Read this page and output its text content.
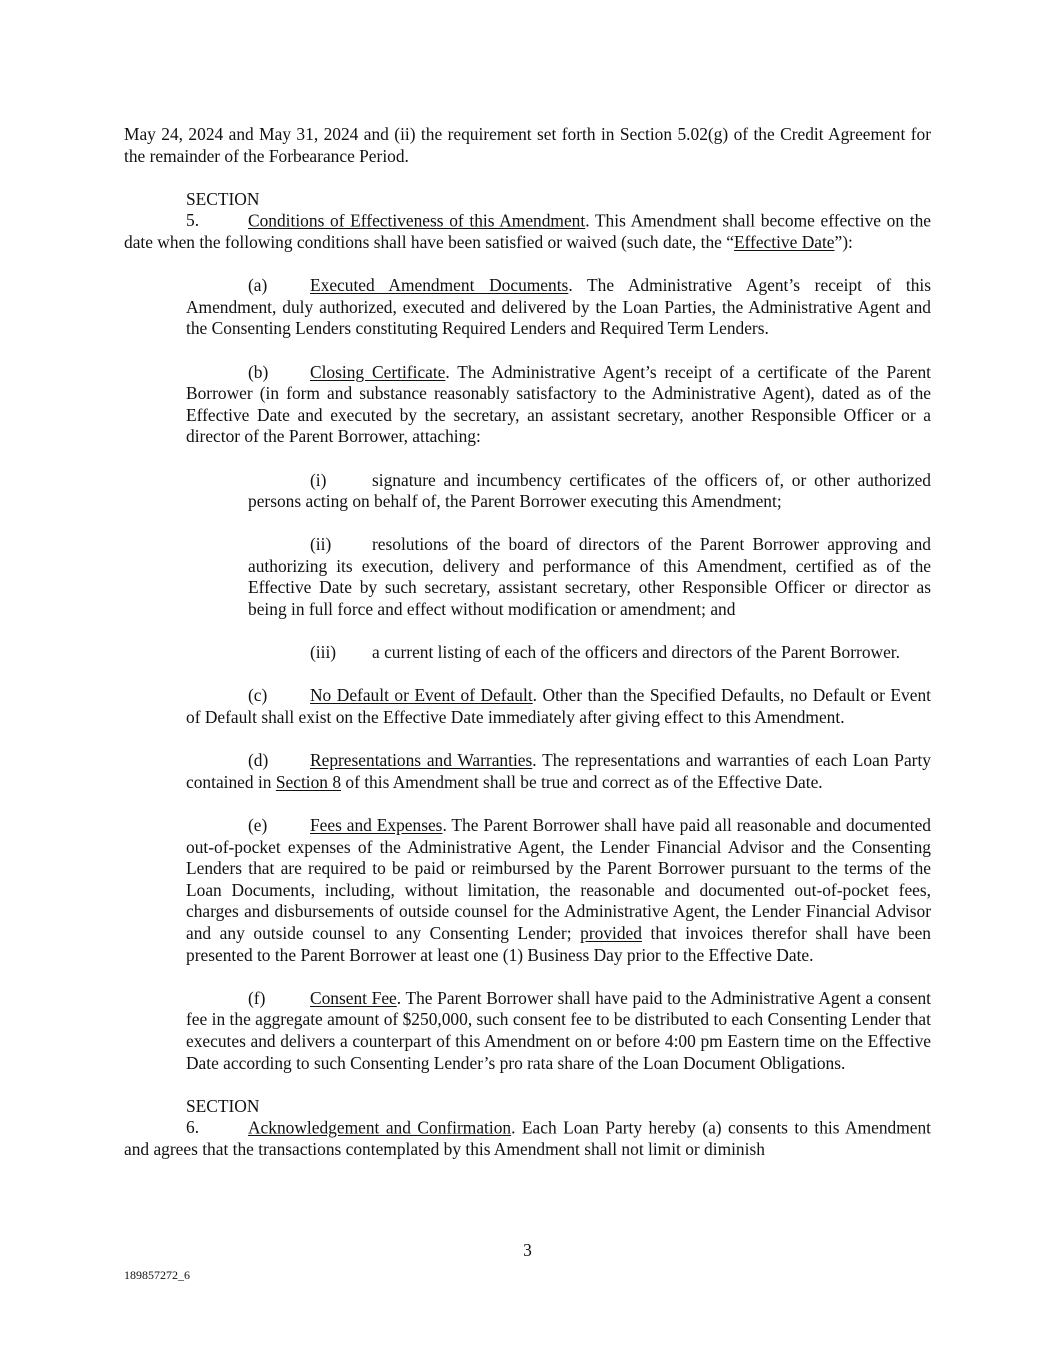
May 24, 2024 and May 31, 2024 and (ii) the requirement set forth in Section 5.02(g) of the Credit Agreement for the remainder of the Forbearance Period.

SECTION 5.	Conditions of Effectiveness of this Amendment. This Amendment shall become effective on the date when the following conditions shall have been satisfied or waived (such date, the “Effective Date”):

(a) Executed Amendment Documents. The Administrative Agent’s receipt of this Amendment, duly authorized, executed and delivered by the Loan Parties, the Administrative Agent and the Consenting Lenders constituting Required Lenders and Required Term Lenders.

(b) Closing Certificate. The Administrative Agent’s receipt of a certificate of the Parent Borrower (in form and substance reasonably satisfactory to the Administrative Agent), dated as of the Effective Date and executed by the secretary, an assistant secretary, another Responsible Officer or a director of the Parent Borrower, attaching:

(i)	signature and incumbency certificates of the officers of, or other authorized persons acting on behalf of, the Parent Borrower executing this Amendment;

(ii) resolutions of the board of directors of the Parent Borrower approving and authorizing its execution, delivery and performance of this Amendment, certified as of the Effective Date by such secretary, assistant secretary, other Responsible Officer or director as being in full force and effect without modification or amendment; and

(iii) a current listing of each of the officers and directors of the Parent Borrower.

(c) No Default or Event of Default. Other than the Specified Defaults, no Default or Event of Default shall exist on the Effective Date immediately after giving effect to this Amendment.

(d) Representations and Warranties. The representations and warranties of each Loan Party contained in Section 8 of this Amendment shall be true and correct as of the Effective Date.

(e) Fees and Expenses. The Parent Borrower shall have paid all reasonable and documented out-of-pocket expenses of the Administrative Agent, the Lender Financial Advisor and the Consenting Lenders that are required to be paid or reimbursed by the Parent Borrower pursuant to the terms of the Loan Documents, including, without limitation, the reasonable and documented out-of-pocket fees, charges and disbursements of outside counsel for the Administrative Agent, the Lender Financial Advisor and any outside counsel to any Consenting Lender; provided that invoices therefor shall have been presented to the Parent Borrower at least one (1) Business Day prior to the Effective Date.

(f)	Consent Fee. The Parent Borrower shall have paid to the Administrative Agent a consent fee in the aggregate amount of $250,000, such consent fee to be distributed to each Consenting Lender that executes and delivers a counterpart of this Amendment on or before 4:00 pm Eastern time on the Effective Date according to such Consenting Lender’s pro rata share of the Loan Document Obligations.

SECTION 6.	Acknowledgement and Confirmation. Each Loan Party hereby (a) consents to this Amendment and agrees that the transactions contemplated by this Amendment shall not limit or diminish

3
189857272_6
